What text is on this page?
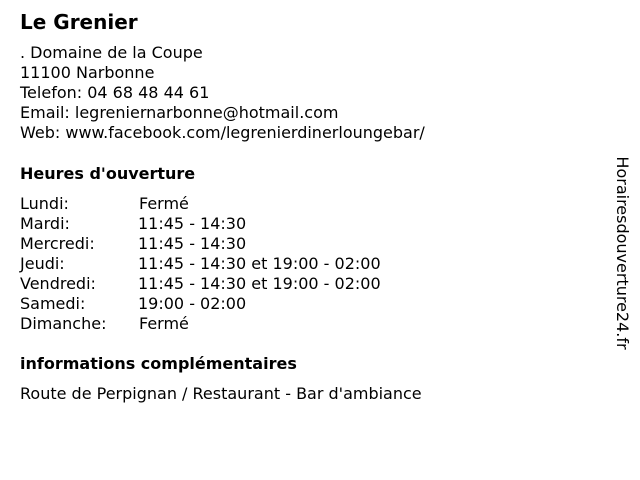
Le Grenier
. Domaine de la Coupe
11100 Narbonne
Telefon: 04 68 48 44 61
Email: legreniernarbonne@hotmail.com
Web: www.facebook.com/legrenierdinerloungebar/
Heures d'ouverture
Lundi:	Fermé
Mardi:	11:45 - 14:30
Mercredi:	11:45 - 14:30
Jeudi:	11:45 - 14:30 et 19:00 - 02:00
Vendredi:	11:45 - 14:30 et 19:00 - 02:00
Samedi:	19:00 - 02:00
Dimanche:	Fermé
informations complémentaires
Route de Perpignan / Restaurant - Bar d'ambiance
Horairesdouverture24.fr
